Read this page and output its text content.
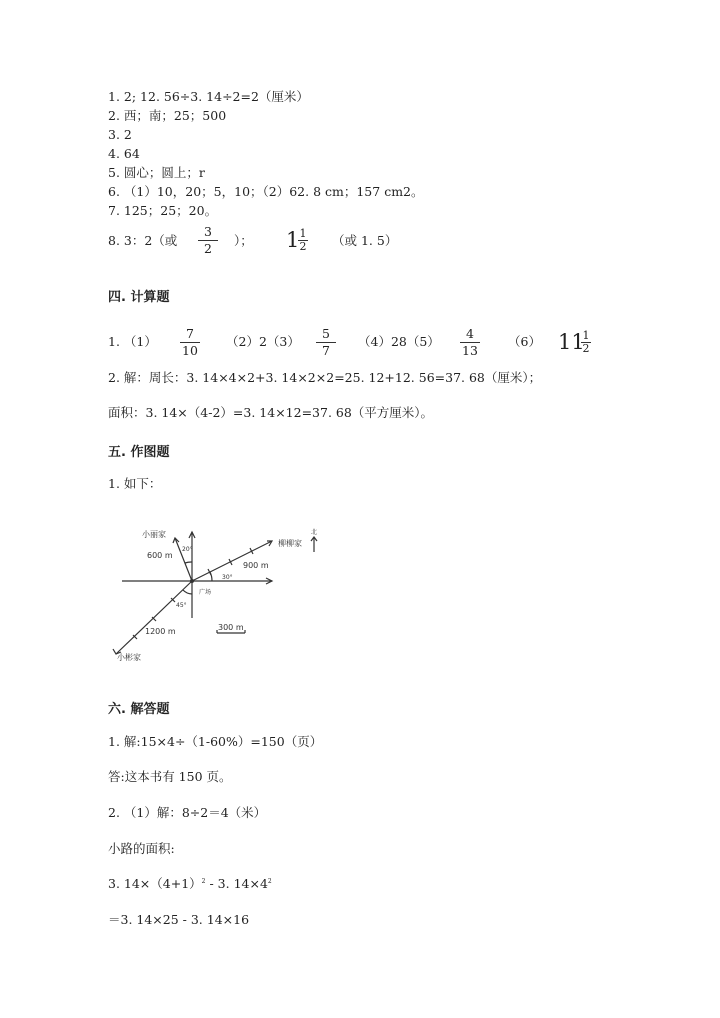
1. 2; 12. 56÷3. 14÷2=2（厘米）
2. 西；南；25；500
3. 2
4. 64
5. 圆心；圆上；r
6. （1）10，20；5，10；（2）62. 8 cm；157 cm2。
7. 125；25；20。
8. 3：2（或
3
2
）； 1 1
2 （或 1. 5）
四. 计算题
1. （1）
7
10
（2）2（3）
5
7
（4）28（5）
4
13
（6） 11
1
2
2. 解：周长：3. 14×4×2+3. 14×2×2=25. 12+12. 56=37. 68（厘米）；
面积：3. 14×（4-2）=3. 14×12=37. 68（平方厘米）。
五. 作图题
1. 如下：
小丽家
柳柳家
小彬家
广场
北
600 m
900 m
1200 m	300 m
20°
30°
45°
六. 解答题
1. 解:15×4÷（1-60%）=150（页）
答:这本书有 150 页。
2. （1）解：8÷2＝4（米）
小路的面积:
3. $14\times(4+1)^2 - 3$. $14\times 4^2$
＝3. 14×25 - 3. 14×16
